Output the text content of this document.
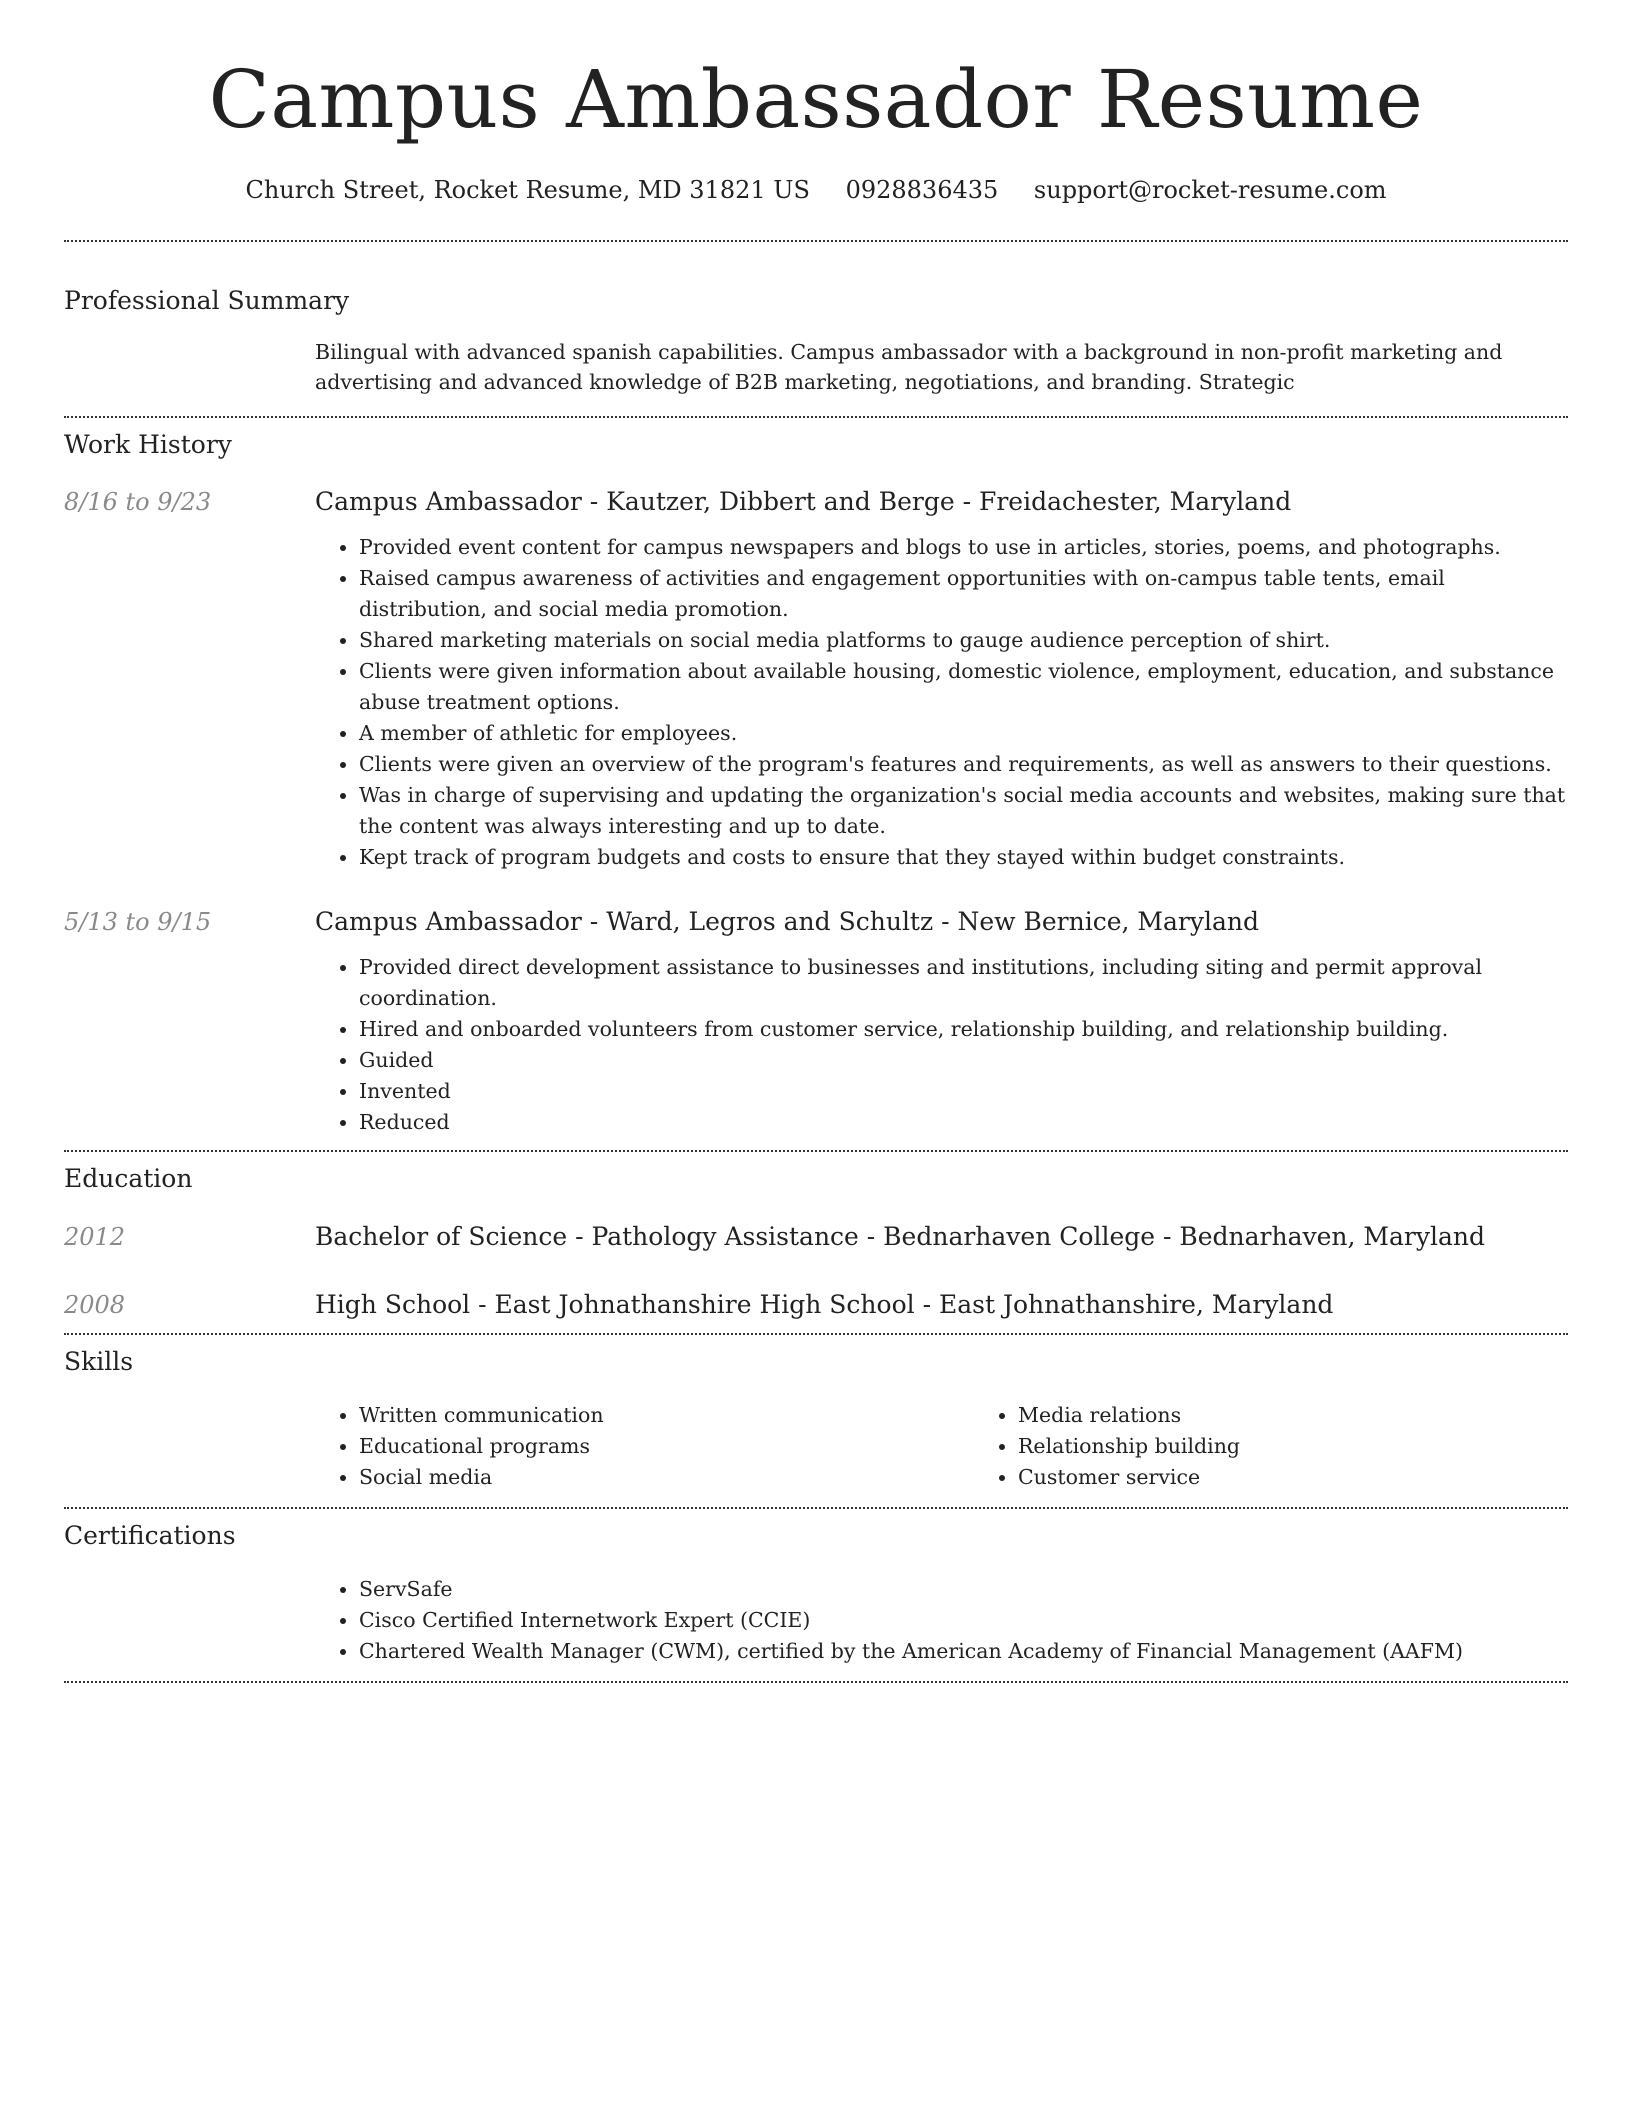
Campus Ambassador Resume
Church Street, Rocket Resume, MD 31821 US 0928836435 support@rocket-resume.com
Professional Summary
Bilingual with advanced spanish capabilities. Campus ambassador with a background in non-profit marketing and advertising and advanced knowledge of B2B marketing, negotiations, and branding. Strategic
Work History
8/16 to 9/23	Campus Ambassador - Kautzer, Dibbert and Berge - Freidachester, Maryland
• Provided event content for campus newspapers and blogs to use in articles, stories, poems, and photographs.
• Raised campus awareness of activities and engagement opportunities with on-campus table tents, email distribution, and social media promotion.
• Shared marketing materials on social media platforms to gauge audience perception of shirt.
• Clients were given information about available housing, domestic violence, employment, education, and substance abuse treatment options.
• A member of athletic for employees.
• Clients were given an overview of the program's features and requirements, as well as answers to their questions.
• Was in charge of supervising and updating the organization's social media accounts and websites, making sure that the content was always interesting and up to date.
• Kept track of program budgets and costs to ensure that they stayed within budget constraints.
5/13 to 9/15	Campus Ambassador - Ward, Legros and Schultz - New Bernice, Maryland
• Provided direct development assistance to businesses and institutions, including siting and permit approval coordination.
• Hired and onboarded volunteers from customer service, relationship building, and relationship building.
• Guided
• Invented
• Reduced
Education
2012	Bachelor of Science - Pathology Assistance - Bednarhaven College - Bednarhaven, Maryland
2008	High School - East Johnathanshire High School - East Johnathanshire, Maryland
Skills
• Written communication
• Educational programs
• Social media
• Media relations
• Relationship building
• Customer service
Certifications
• ServSafe
• Cisco Certified Internetwork Expert (CCIE)
• Chartered Wealth Manager (CWM), certified by the American Academy of Financial Management (AAFM)
